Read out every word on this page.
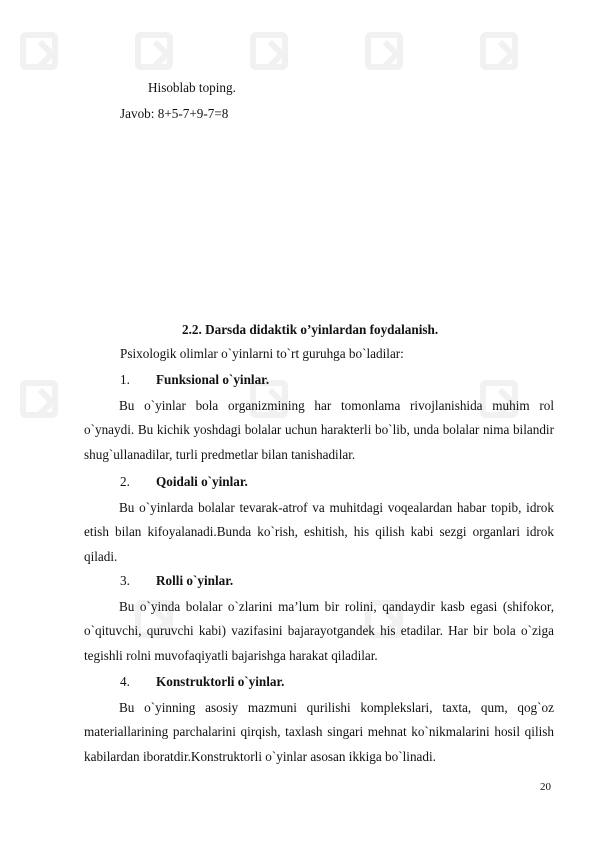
Hisoblab toping.
Javob: 8+5-7+9-7=8
2.2. Darsda didaktik o’yinlardan foydalanish.
Psixologik olimlar o`yinlarni to`rt guruhga bo`ladilar:
1. Funksional o`yinlar.
Bu o`yinlar bola organizmining har tomonlama rivojlanishida muhim rol o`ynaydi. Bu kichik yoshdagi bolalar uchun harakterli bo`lib, unda bolalar nima bilandir shug`ullanadilar, turli predmetlar bilan tanishadilar.
2. Qoidali o`yinlar.
Bu o`yinlarda bolalar tevarak-atrof va muhitdagi voqealardan habar topib, idrok etish bilan kifoyalanadi.Bunda ko`rish, eshitish, his qilish kabi sezgi organlari idrok qiladi.
3. Rolli o`yinlar.
Bu o`yinda bolalar o`zlarini ma’lum bir rolini, qandaydir kasb egasi (shifokor, o`qituvchi, quruvchi kabi) vazifasini bajarayotgandek his etadilar. Har bir bola o`ziga tegishli rolni muvofaqiyatli bajarishga harakat qiladilar.
4. Konstruktorli o`yinlar.
Bu o`yinning asosiy mazmuni qurilishi komplekslari, taxta, qum, qog`oz materiallarining parchalarini qirqish, taxlash singari mehnat ko`nikmalarini hosil qilish kabilardan iboratdir.Konstruktorli o`yinlar asosan ikkiga bo`linadi.
20
